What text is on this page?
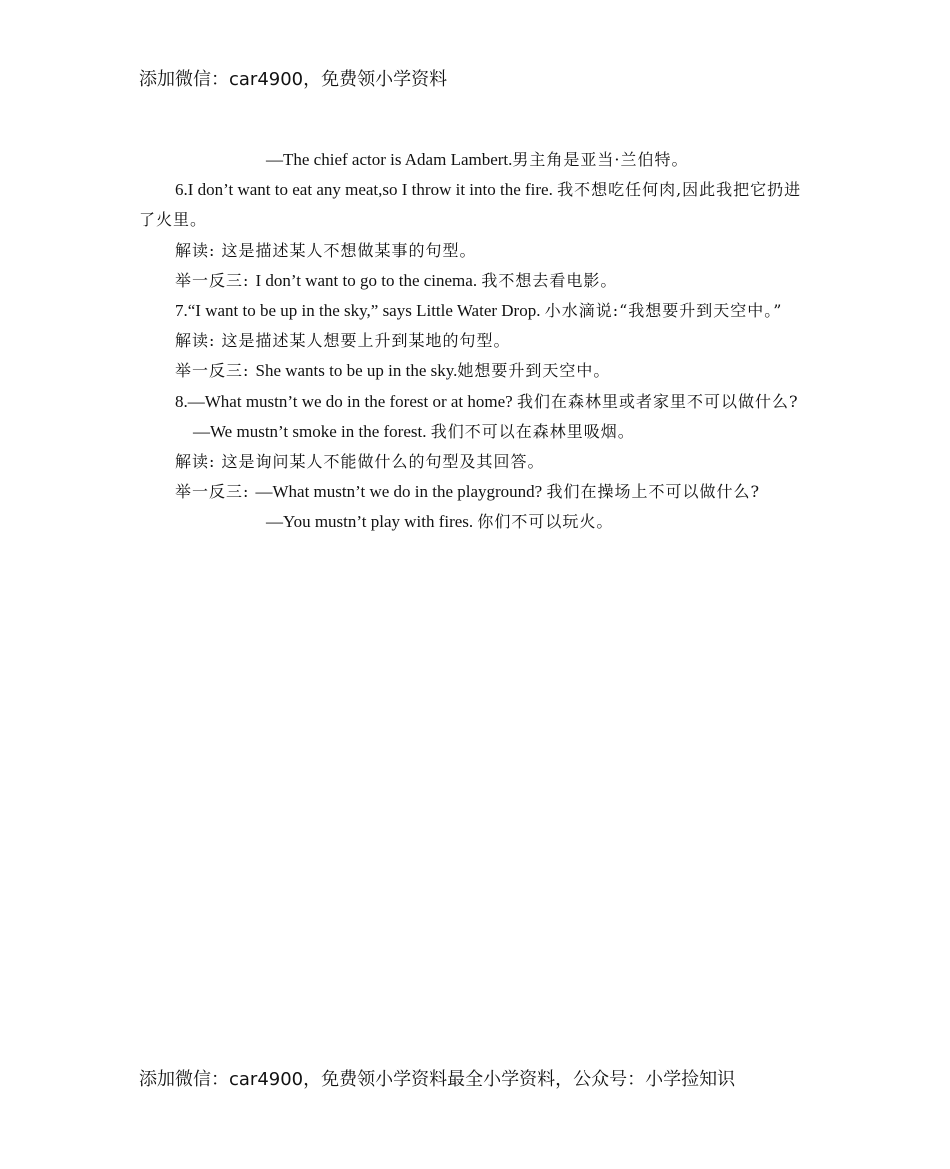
添加微信：car4900，免费领小学资料

—The chief actor is Adam Lambert.男主角是亚当·兰伯特。

6.I don’t want to eat any meat,so I throw it into the fire. 我不想吃任何肉,因此我把它扔进了火里。

解读: 这是描述某人不想做某事的句型。

举一反三: I don’t want to go to the cinema. 我不想去看电影。

7.“I want to be up in the sky,” says Little Water Drop. 小水滴说:“我想要升到天空中。”

解读: 这是描述某人想要上升到某地的句型。

举一反三: She wants to be up in the sky.她想要升到天空中。

8.—What mustn’t we do in the forest or at home? 我们在森林里或者家里不可以做什么?

—We mustn’t smoke in the forest. 我们不可以在森林里吸烟。

解读: 这是询问某人不能做什么的句型及其回答。

举一反三: —What mustn’t we do in the playground? 我们在操场上不可以做什么?

—You mustn’t play with fires. 你们不可以玩火。

添加微信：car4900，免费领小学资料最全小学资料，公众号：小学捡知识
